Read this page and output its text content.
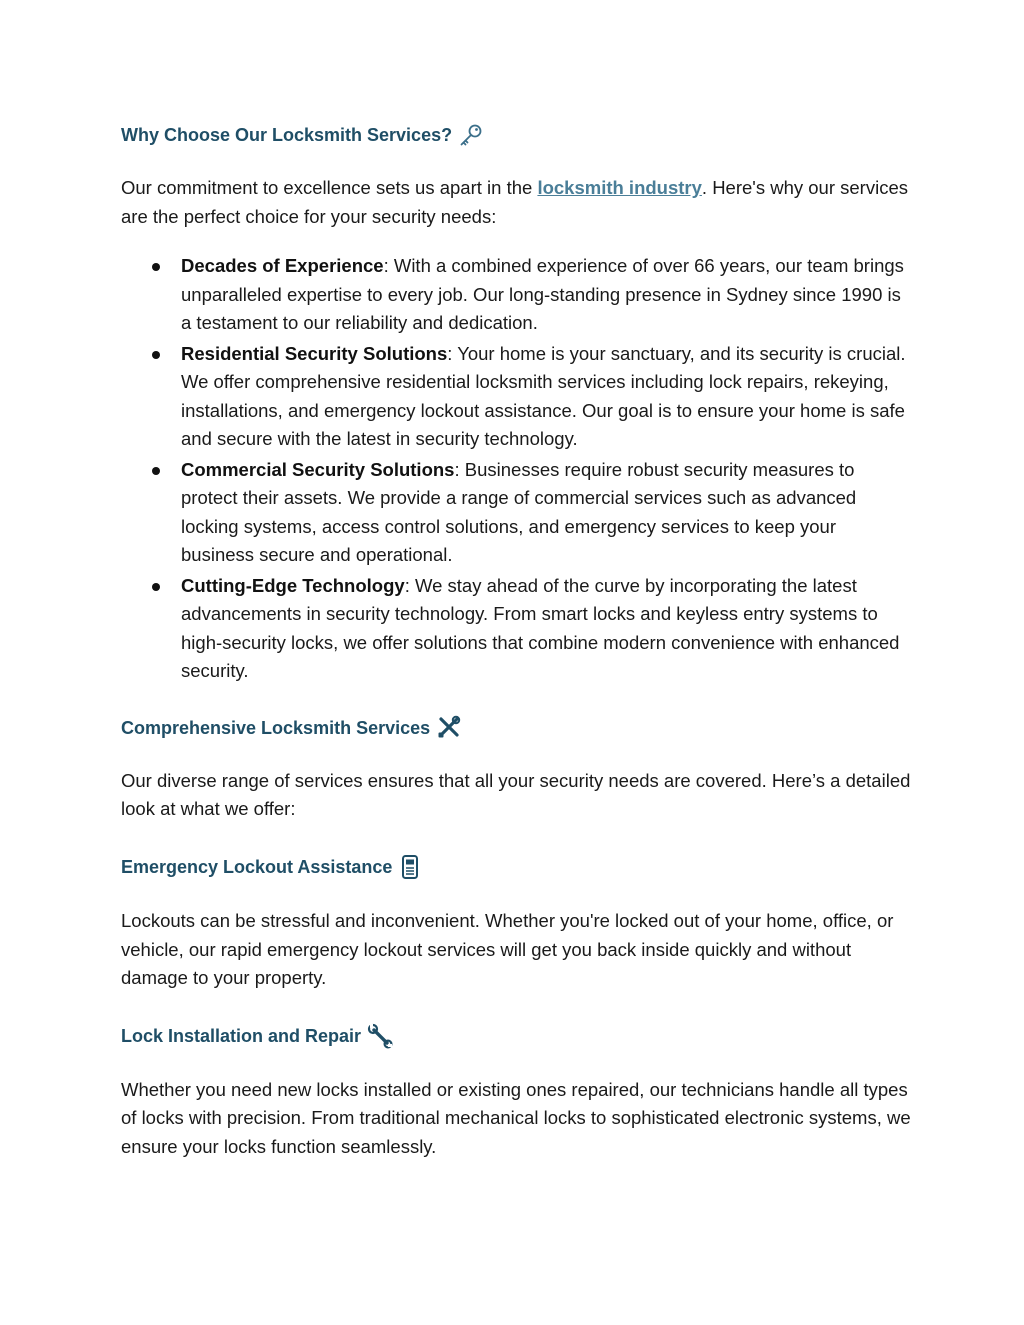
Why Choose Our Locksmith Services?

Our commitment to excellence sets us apart in the locksmith industry. Here's why our services are the perfect choice for your security needs:

Decades of Experience: With a combined experience of over 66 years, our team brings unparalleled expertise to every job. Our long-standing presence in Sydney since 1990 is a testament to our reliability and dedication.
Residential Security Solutions: Your home is your sanctuary, and its security is crucial. We offer comprehensive residential locksmith services including lock repairs, rekeying, installations, and emergency lockout assistance. Our goal is to ensure your home is safe and secure with the latest in security technology.
Commercial Security Solutions: Businesses require robust security measures to protect their assets. We provide a range of commercial services such as advanced locking systems, access control solutions, and emergency services to keep your business secure and operational.
Cutting-Edge Technology: We stay ahead of the curve by incorporating the latest advancements in security technology. From smart locks and keyless entry systems to high-security locks, we offer solutions that combine modern convenience with enhanced security.
Comprehensive Locksmith Services

Our diverse range of services ensures that all your security needs are covered. Here’s a detailed look at what we offer:

Emergency Lockout Assistance

Lockouts can be stressful and inconvenient. Whether you're locked out of your home, office, or vehicle, our rapid emergency lockout services will get you back inside quickly and without damage to your property.

Lock Installation and Repair

Whether you need new locks installed or existing ones repaired, our technicians handle all types of locks with precision. From traditional mechanical locks to sophisticated electronic systems, we ensure your locks function seamlessly.
